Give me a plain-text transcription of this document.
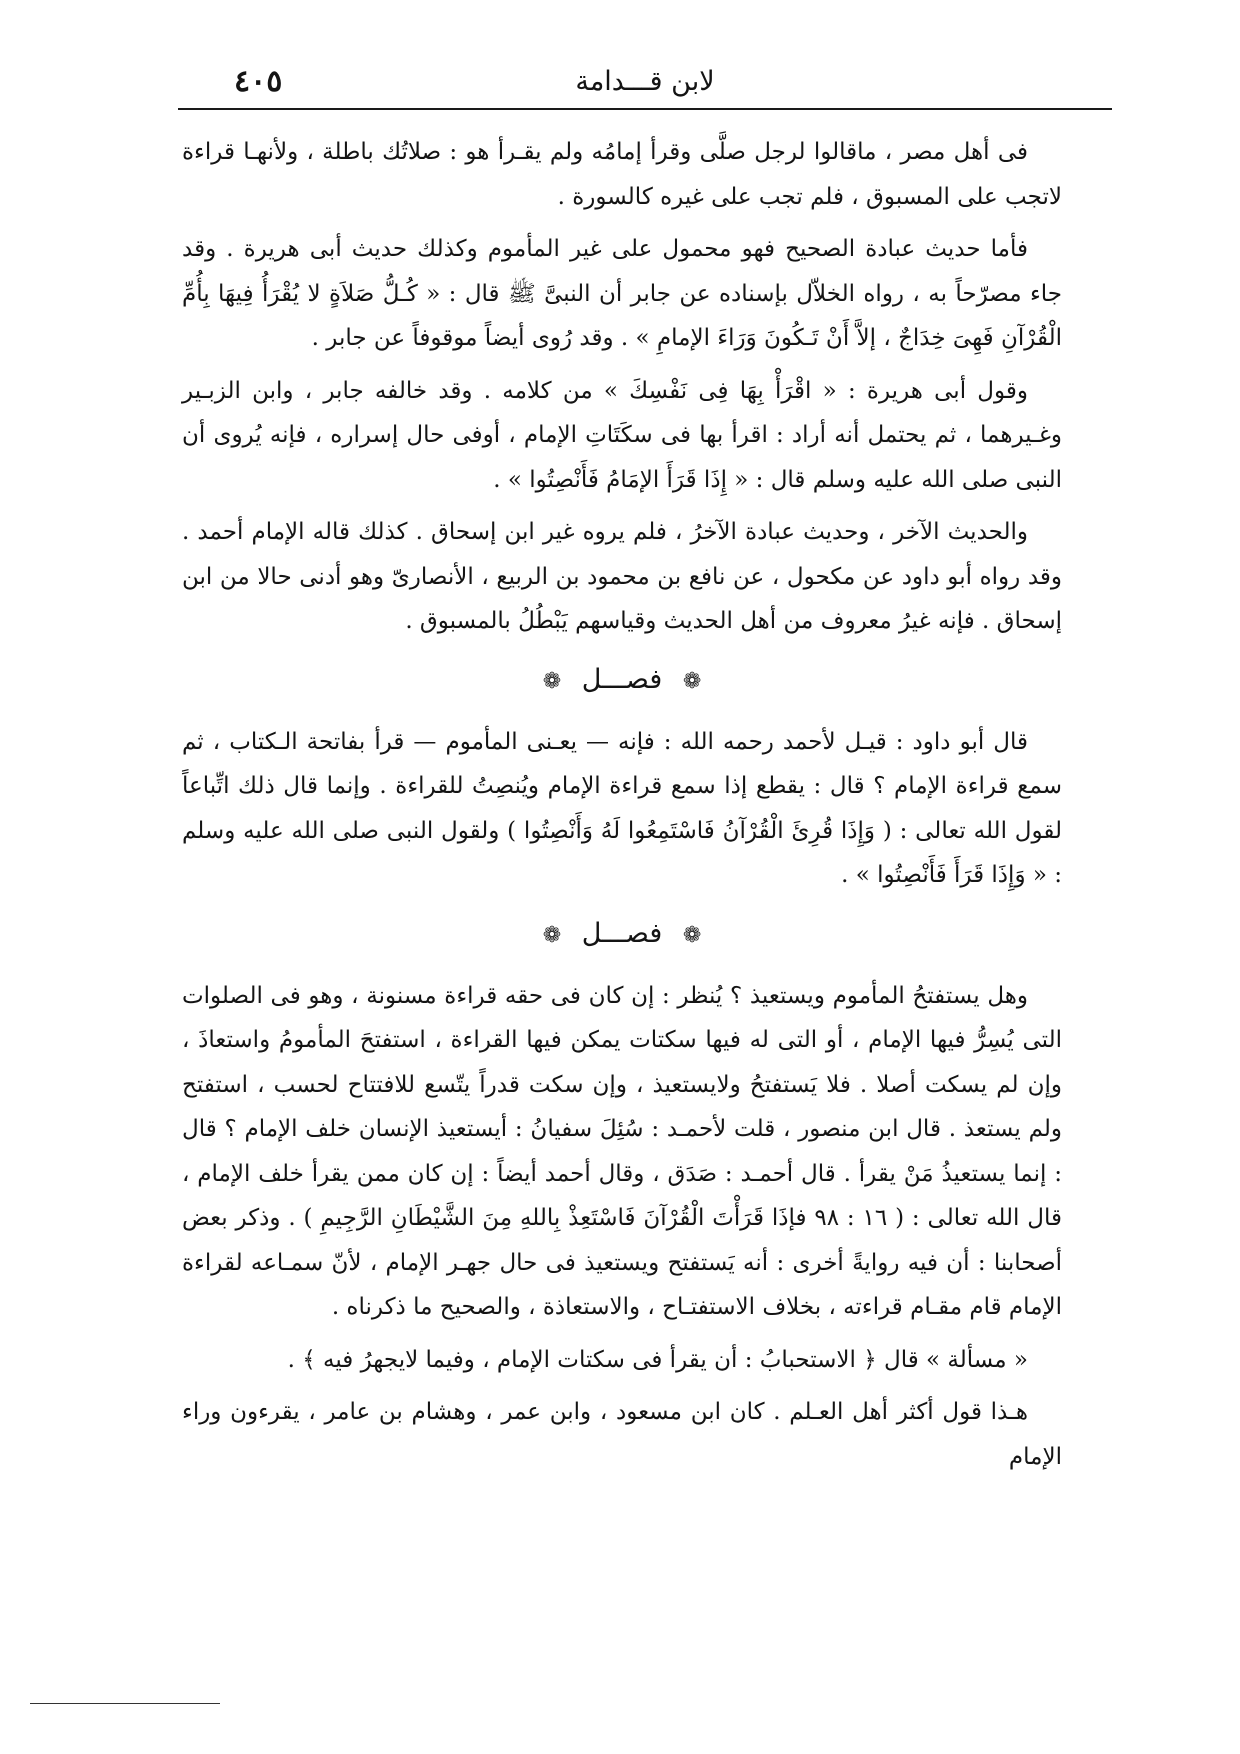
٤٠٥	لابن قـــدامة

فى أهل مصر ، ماقالوا لرجل صلَّى وقرأ إمامُه ولم يقـرأ هو : صلاتُك باطلة ، ولأنهـا قراءة لاتجب على المسبوق ، فلم تجب على غيره كالسورة .

فأما حديث عبادة الصحيح فهو محمول على غير المأموم وكذلك حديث أبى هريرة . وقد جاء مصرّحاً به ، رواه الخلاّل بإسناده عن جابر أن النبىَّ ﷺ قال : « كُـلُّ صَلاَةٍ لا يُقْرَأُ فِيهَا بِأُمِّ الْقُرْآنِ فَهِىَ خِدَاجٌ ، إلاَّ أَنْ تَـكُونَ وَرَاءَ الإمامِ » . وقد رُوى أيضاً موقوفاً عن جابر .

وقول أبى هريرة : « اقْرَأْ بِهَا فِى نَفْسِكَ » من كلامه . وقد خالفه جابر ، وابن الزبـير وغـيرهما ، ثم يحتمل أنه أراد : اقرأ بها فى سكَتَاتِ الإمام ، أوفى حال إسراره ، فإنه يُروى أن النبى صلى الله عليه وسلم قال : « إِذَا قَرَأَ الإمَامُ فَأَنْصِتُوا » .

والحديث الآخر ، وحديث عبادة الآخرُ ، فلم يروه غير ابن إسحاق . كذلك قاله الإمام أحمد . وقد رواه أبو داود عن مكحول ، عن نافع بن محمود بن الربيع ، الأنصارىّ وهو أدنى حالا من ابن إسحاق . فإنه غيرُ معروف من أهل الحديث وقياسهم يَبْطُلُ بالمسبوق .

❁ فصـــل ❁

قال أبو داود : قيـل لأحمد رحمه الله : فإنه — يعـنى المأموم — قرأ بفاتحة الـكتاب ، ثم سمع قراءة الإمام ؟ قال : يقطع إذا سمع قراءة الإمام ويُنصِتُ للقراءة . وإنما قال ذلك اتِّباعاً لقول الله تعالى : ( وَإِذَا قُرِئَ الْقُرْآنُ فَاسْتَمِعُوا لَهُ وَأَنْصِتُوا ) ولقول النبى صلى الله عليه وسلم : « وَإِذَا قَرَأَ فَأَنْصِتُوا » .

❁ فصـــل ❁

وهل يستفتحُ المأموم ويستعيذ ؟ يُنظر : إن كان فى حقه قراءة مسنونة ، وهو فى الصلوات التى يُسِرُّ فيها الإمام ، أو التى له فيها سكتات يمكن فيها القراءة ، استفتحَ المأمومُ واستعاذَ ، وإن لم يسكت أصلا . فلا يَستفتحُ ولايستعيذ ، وإن سكت قدراً يتّسع للافتتاح لحسب ، استفتح ولم يستعذ . قال ابن منصور ، قلت لأحمـد : سُئِلَ سفيانُ : أيستعيذ الإنسان خلف الإمام ؟ قال : إنما يستعيذُ مَنْ يقرأ . قال أحمـد : صَدَق ، وقال أحمد أيضاً : إن كان ممن يقرأ خلف الإمام ، قال الله تعالى : ( ١٦ : ٩٨ فإذَا قَرَأْتَ الْقُرْآنَ فَاسْتَعِذْ بِاللهِ مِنَ الشَّيْطَانِ الرَّجِيمِ ) . وذكر بعض أصحابنا : أن فيه روايةً أخرى : أنه يَستفتح ويستعيذ فى حال جهـر الإمام ، لأنّ سمـاعه لقراءة الإمام قام مقـام قراءته ، بخلاف الاستفتـاح ، والاستعاذة ، والصحيح ما ذكرناه .

« مسألة » قال ﴿ الاستحبابُ : أن يقرأ فى سكتات الإمام ، وفيما لايجهرُ فيه ﴾ .

هـذا قول أكثر أهل العـلم . كان ابن مسعود ، وابن عمر ، وهشام بن عامر ، يقرءون وراء الإمام
